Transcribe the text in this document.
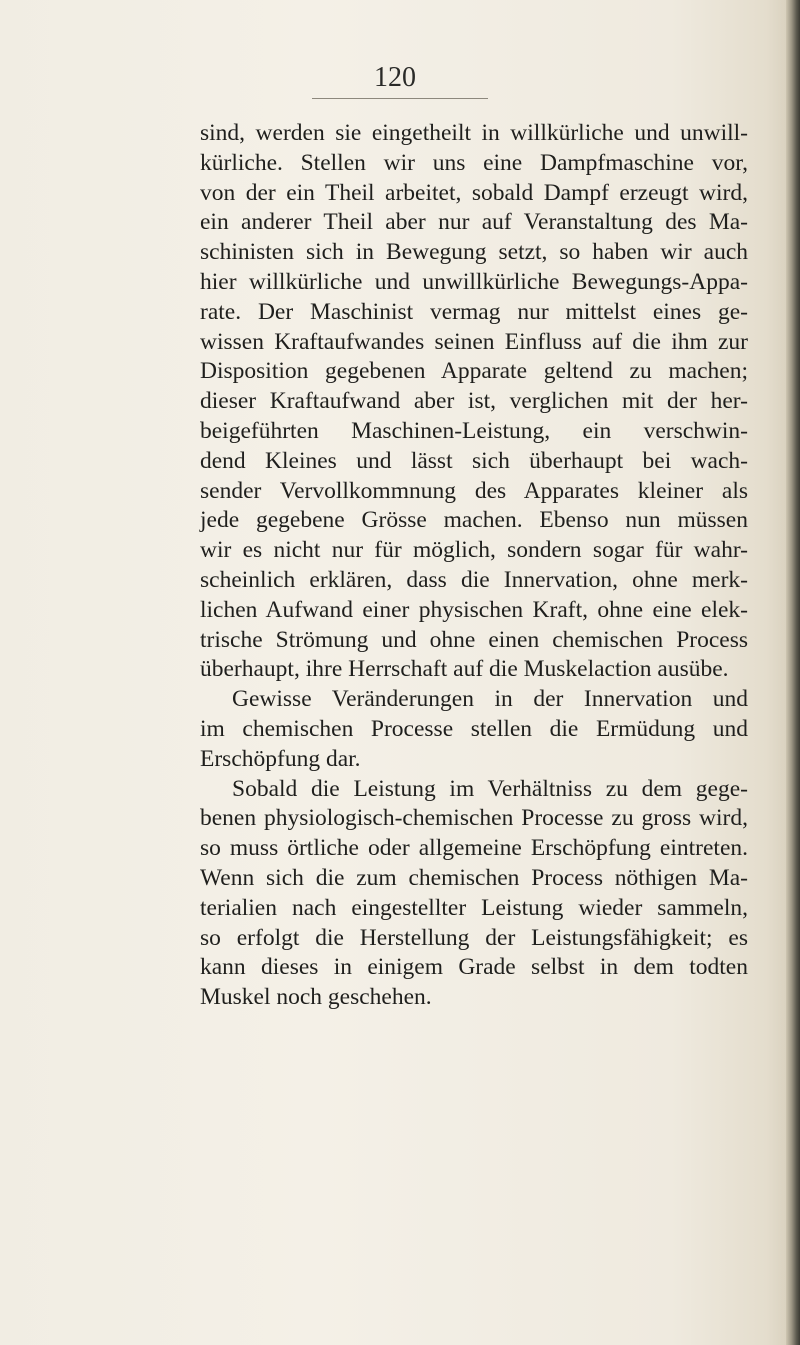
120

sind, werden sie eingetheilt in willkürliche und unwill-
kürliche. Stellen wir uns eine Dampfmaschine vor,
von der ein Theil arbeitet, sobald Dampf erzeugt wird,
ein anderer Theil aber nur auf Veranstaltung des Ma-
schinisten sich in Bewegung setzt, so haben wir auch
hier willkürliche und unwillkürliche Bewegungs-Appa-
rate. Der Maschinist vermag nur mittelst eines ge-
wissen Kraftaufwandes seinen Einfluss auf die ihm zur
Disposition gegebenen Apparate geltend zu machen;
dieser Kraftaufwand aber ist, verglichen mit der her-
beigeführten Maschinen-Leistung, ein verschwin-
dend Kleines und lässt sich überhaupt bei wach-
sender Vervollkommnung des Apparates kleiner als
jede gegebene Grösse machen. Ebenso nun müssen
wir es nicht nur für möglich, sondern sogar für wahr-
scheinlich erklären, dass die Innervation, ohne merk-
lichen Aufwand einer physischen Kraft, ohne eine elek-
trische Strömung und ohne einen chemischen Process
überhaupt, ihre Herrschaft auf die Muskelaction ausübe.
Gewisse Veränderungen in der Innervation und
im chemischen Processe stellen die Ermüdung und
Erschöpfung dar.
Sobald die Leistung im Verhältniss zu dem gege-
benen physiologisch-chemischen Processe zu gross wird,
so muss örtliche oder allgemeine Erschöpfung eintreten.
Wenn sich die zum chemischen Process nöthigen Ma-
terialien nach eingestellter Leistung wieder sammeln,
so erfolgt die Herstellung der Leistungsfähigkeit; es
kann dieses in einigem Grade selbst in dem todten
Muskel noch geschehen.
